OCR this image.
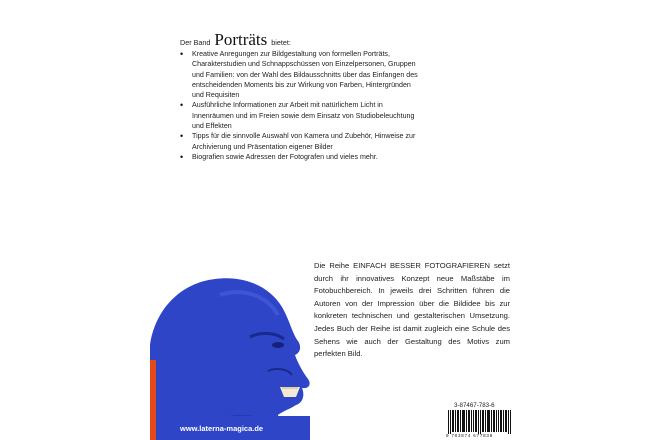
Der Band Porträts bietet:
• Kreative Anregungen zur Bildgestaltung von formellen Porträts, Charakterstudien und Schnappschüssen von Einzelpersonen, Gruppen und Familien: von der Wahl des Bildausschnitts über das Einfangen des entscheidenden Moments bis zur Wirkung von Farben, Hintergründen und Requisiten
• Ausführliche Informationen zur Arbeit mit natürlichem Licht in Innenräumen und im Freien sowie dem Einsatz von Studiobeleuchtung und Effekten
• Tipps für die sinnvolle Auswahl von Kamera und Zubehör, Hinweise zur Archivierung und Präsentation eigener Bilder
• Biografien sowie Adressen der Fotografen und vieles mehr.
Die Reihe EINFACH BESSER FOTOGRAFIEREN setzt durch ihr innovatives Konzept neue Maßstäbe im Fotobuchbereich. In jeweils drei Schritten führen die Autoren von der Impression über die Bildidee bis zur konkreten technischen und gestalterischen Umsetzung. Jedes Buch der Reihe ist damit zugleich eine Schule des Sehens wie auch der Gestaltung des Motivs zum perfekten Bild.
www.laterna-magica.de
3-87467-783-6
9 783874 677838
